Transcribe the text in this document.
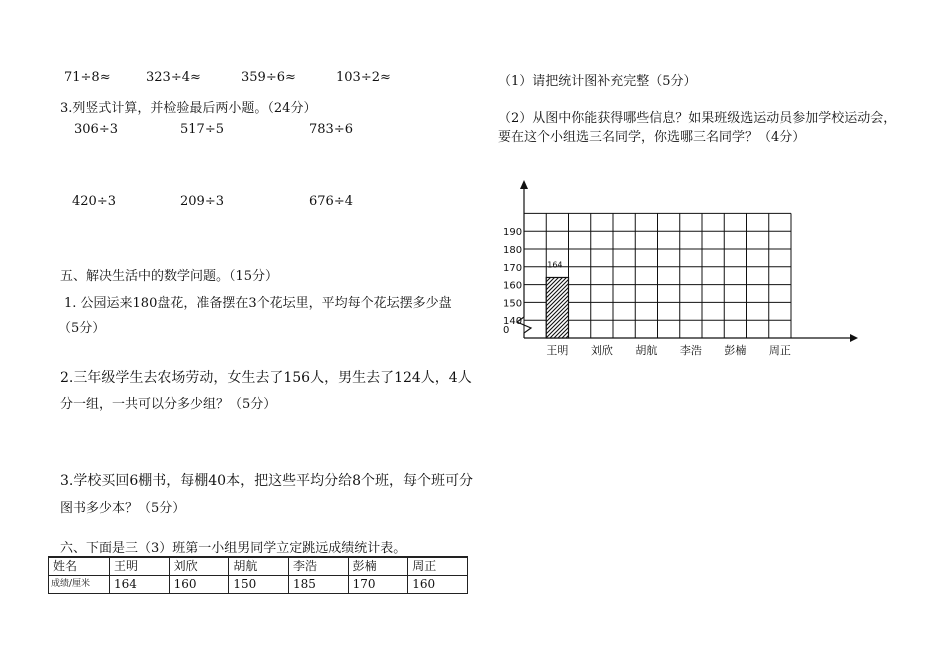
71÷8≈	323÷4≈	359÷6≈	103÷2≈
3.列竖式计算，并检验最后两小题。（24分）
306÷3	517÷5	783÷6
420÷3	209÷3	676÷4
五、解决生活中的数学问题。（15分）
1. 公园运来180盘花，准备摆在3个花坛里，平均每个花坛摆多少盘
（5分）
2.三年级学生去农场劳动，女生去了156人，男生去了124人，4人
分一组，一共可以分多少组？（5分）
3.学校买回6棚书，每棚40本，把这些平均分给8个班，每个班可分
图书多少本？（5分）
六、下面是三（3）班第一小组男同学立定跳远成绩统计表。
姓名	王明	刘欣	胡航	李浩	彭楠	周正
成绩/厘米	164	160	150	185	170	160
（1）请把统计图补充完整（5分）
（2）从图中你能获得哪些信息？如果班级选运动员参加学校运动会，
要在这个小组选三名同学，你选哪三名同学？（4分）
0
140
150
160
170
180
190
164
王明 刘欣 胡航 李浩 彭楠 周正
